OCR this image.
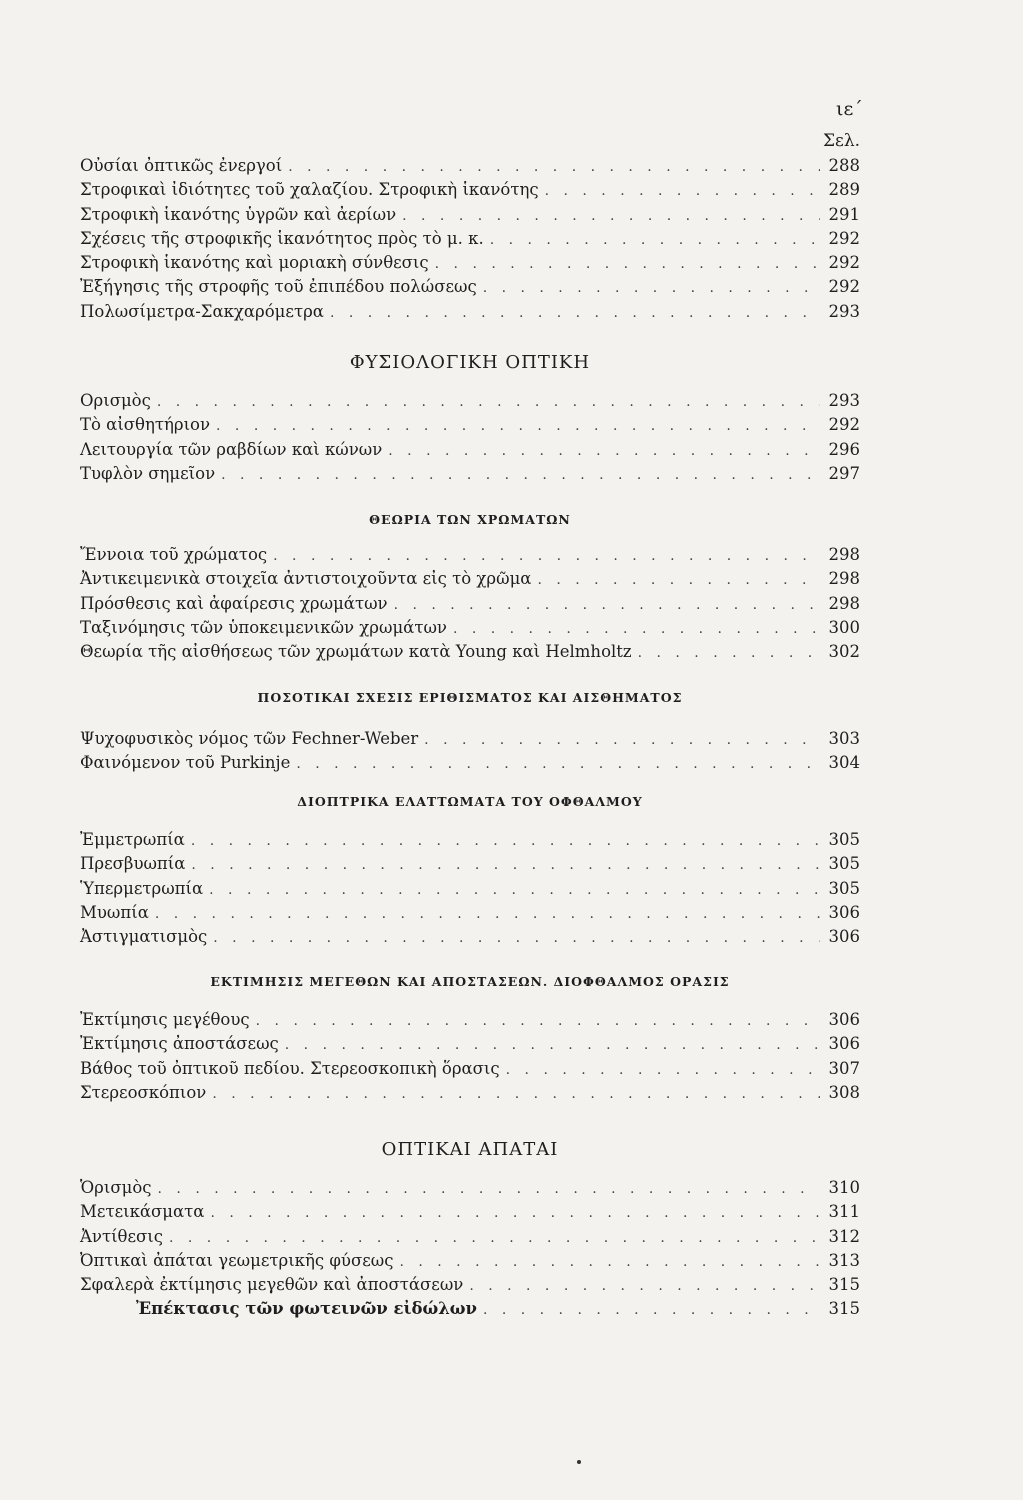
ιε΄
Σελ.
Οὐσίαι ὀπτικῶς ἐνεργοί . . .	288
Στροφικαὶ ἰδιότητες τοῦ χαλαζίου. Στροφικὴ ἱκανότης . . .	289
Στροφικὴ ἱκανότης ὑγρῶν καὶ ἀερίων . . .	291
Σχέσεις τῆς στροφικῆς ἱκανότητος πρὸς τὸ μ. κ. . . .	292
Στροφικὴ ἱκανότης καὶ μοριακὴ σύνθεσις . . .	292
Ἐξήγησις τῆς στροφῆς τοῦ ἐπιπέδου πολώσεως . . .	292
Πολωσίμετρα-Σακχαρόμετρα . . .	293
ΦΥΣΙΟΛΟΓΙΚΗ ΟΠΤΙΚΗ
Ορισμὸς . . .	293
Τὸ αἰσθητήριον . . .	292
Λειτουργία τῶν ραβδίων καὶ κώνων . . .	296
Τυφλὸν σημεῖον . . .	297
ΘΕΩΡΙΑ ΤΩΝ ΧΡΩΜΑΤΩΝ
Ἔννοια τοῦ χρώματος . . .	298
Ἀντικειμενικὰ στοιχεῖα ἀντιστοιχοῦντα εἰς τὸ χρῶμα . . .	298
Πρόσθεσις καὶ ἀφαίρεσις χρωμάτων . . .	298
Ταξινόμησις τῶν ὑποκειμενικῶν χρωμάτων . . .	300
Θεωρία τῆς αἰσθήσεως τῶν χρωμάτων κατὰ Young καὶ Helmholtz . . .	302
ΠΟΣΟΤΙΚΑΙ ΣΧΕΣΙΣ ΕΡΙΘΙΣΜΑΤΟΣ ΚΑΙ ΑΙΣΘΗΜΑΤΟΣ
Ψυχοφυσικὸς νόμος τῶν Fechner-Weber . . .	303
Φαινόμενον τοῦ Purkinje . . .	304
ΔΙΟΠΤΡΙΚΑ ΕΛΑΤΤΩΜΑΤΑ ΤΟΥ ΟΦΘΑΛΜΟΥ
Ἐμμετρωπία . . .	305
Πρεσβυωπία . . .	305
Ὑπερμετρωπία . . .	305
Μυωπία . . .	306
Ἀστιγματισμὸς . . .	306
ΕΚΤΙΜΗΣΙΣ ΜΕΓΕΘΩΝ ΚΑΙ ΑΠΟΣΤΑΣΕΩΝ. ΔΙΟΦΘΑΛΜΟΣ ΟΡΑΣΙΣ
Ἐκτίμησις μεγέθους . . .	306
Ἐκτίμησις ἀποστάσεως . . .	306
Βάθος τοῦ ὀπτικοῦ πεδίου. Στερεοσκοπικὴ ὅρασις . . .	307
Στερεοσκόπιον . . .	308
ΟΠΤΙΚΑΙ ΑΠΑΤΑΙ
Ὁρισμὸς . . .	310
Μετεικάσματα . . .	311
Ἀντίθεσις . . .	312
Ὀπτικαὶ ἀπάται γεωμετρικῆς φύσεως . . .	313
Σφαλερὰ ἐκτίμησις μεγεθῶν καὶ ἀποστάσεων . . .	315
Ἐπέκτασις τῶν φωτεινῶν εἰδώλων . . .	315
